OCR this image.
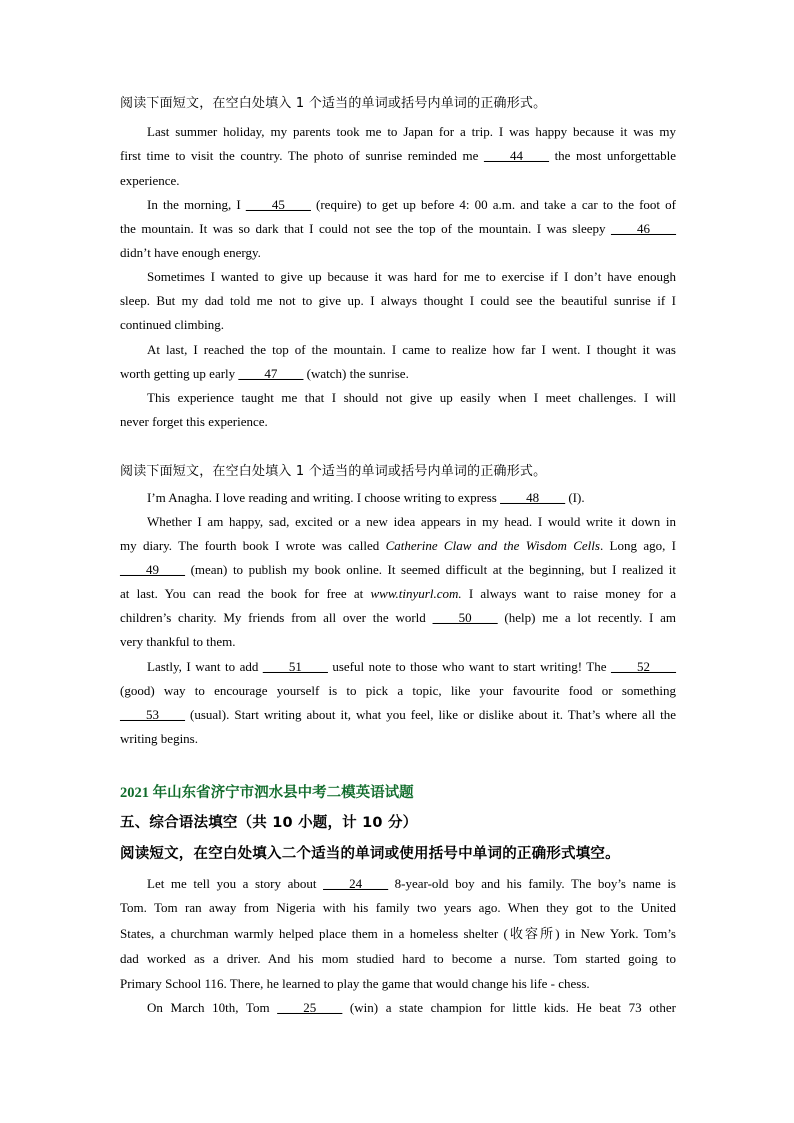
阅读下面短文，在空白处填入 1 个适当的单词或括号内单词的正确形式。
Last summer holiday, my parents took me to Japan for a trip. I was happy because it was my
first time to visit the country. The photo of sunrise reminded me ____44____ the most unforgettable
experience.
In the morning, I ____45____ (require) to get up before 4: 00 a.m. and take a car to the foot of
the mountain. It was so dark that I could not see the top of the mountain. I was sleepy ____46____
didn’t have enough energy.
Sometimes I wanted to give up because it was hard for me to exercise if I don’t have enough
sleep. But my dad told me not to give up. I always thought I could see the beautiful sunrise if I
continued climbing.
At last, I reached the top of the mountain. I came to realize how far I went. I thought it was
worth getting up early ____47____ (watch) the sunrise.
This experience taught me that I should not give up easily when I meet challenges. I will
never forget this experience.
阅读下面短文，在空白处填入 1 个适当的单词或括号内单词的正确形式。
I’m Anagha. I love reading and writing. I choose writing to express ____48____ (I).
Whether I am happy, sad, excited or a new idea appears in my head. I would write it down in
my diary. The fourth book I wrote was called Catherine Claw and the Wisdom Cells. Long ago, I
____49____ (mean) to publish my book online. It seemed difficult at the beginning, but I realized it
at last. You can read the book for free at www.tinyurl.com. I always want to raise money for a
children’s charity. My friends from all over the world ____50____ (help) me a lot recently. I am
very thankful to them.
Lastly, I want to add ____51____ useful note to those who want to start writing! The ____52____
(good) way to encourage yourself is to pick a topic, like your favourite food or something
____53____ (usual). Start writing about it, what you feel, like or dislike about it. That’s where all the
writing begins.
2021 年山东省济宁市泗水县中考二模英语试题
五、综合语法填空（共 10 小题，计 10 分）
阅读短文，在空白处填入二个适当的单词或使用括号中单词的正确形式填空。
Let me tell you a story about ____24____ 8-year-old boy and his family. The boy’s name is
Tom. Tom ran away from Nigeria with his family two years ago. When they got to the United
States, a churchman warmly helped place them in a homeless shelter (收容所) in New York. Tom’s
dad worked as a driver. And his mom studied hard to become a nurse. Tom started going to
Primary School 116. There, he learned to play the game that would change his life - chess.
On March 10th, Tom ____25____ (win) a state champion for little kids. He beat 73 other
